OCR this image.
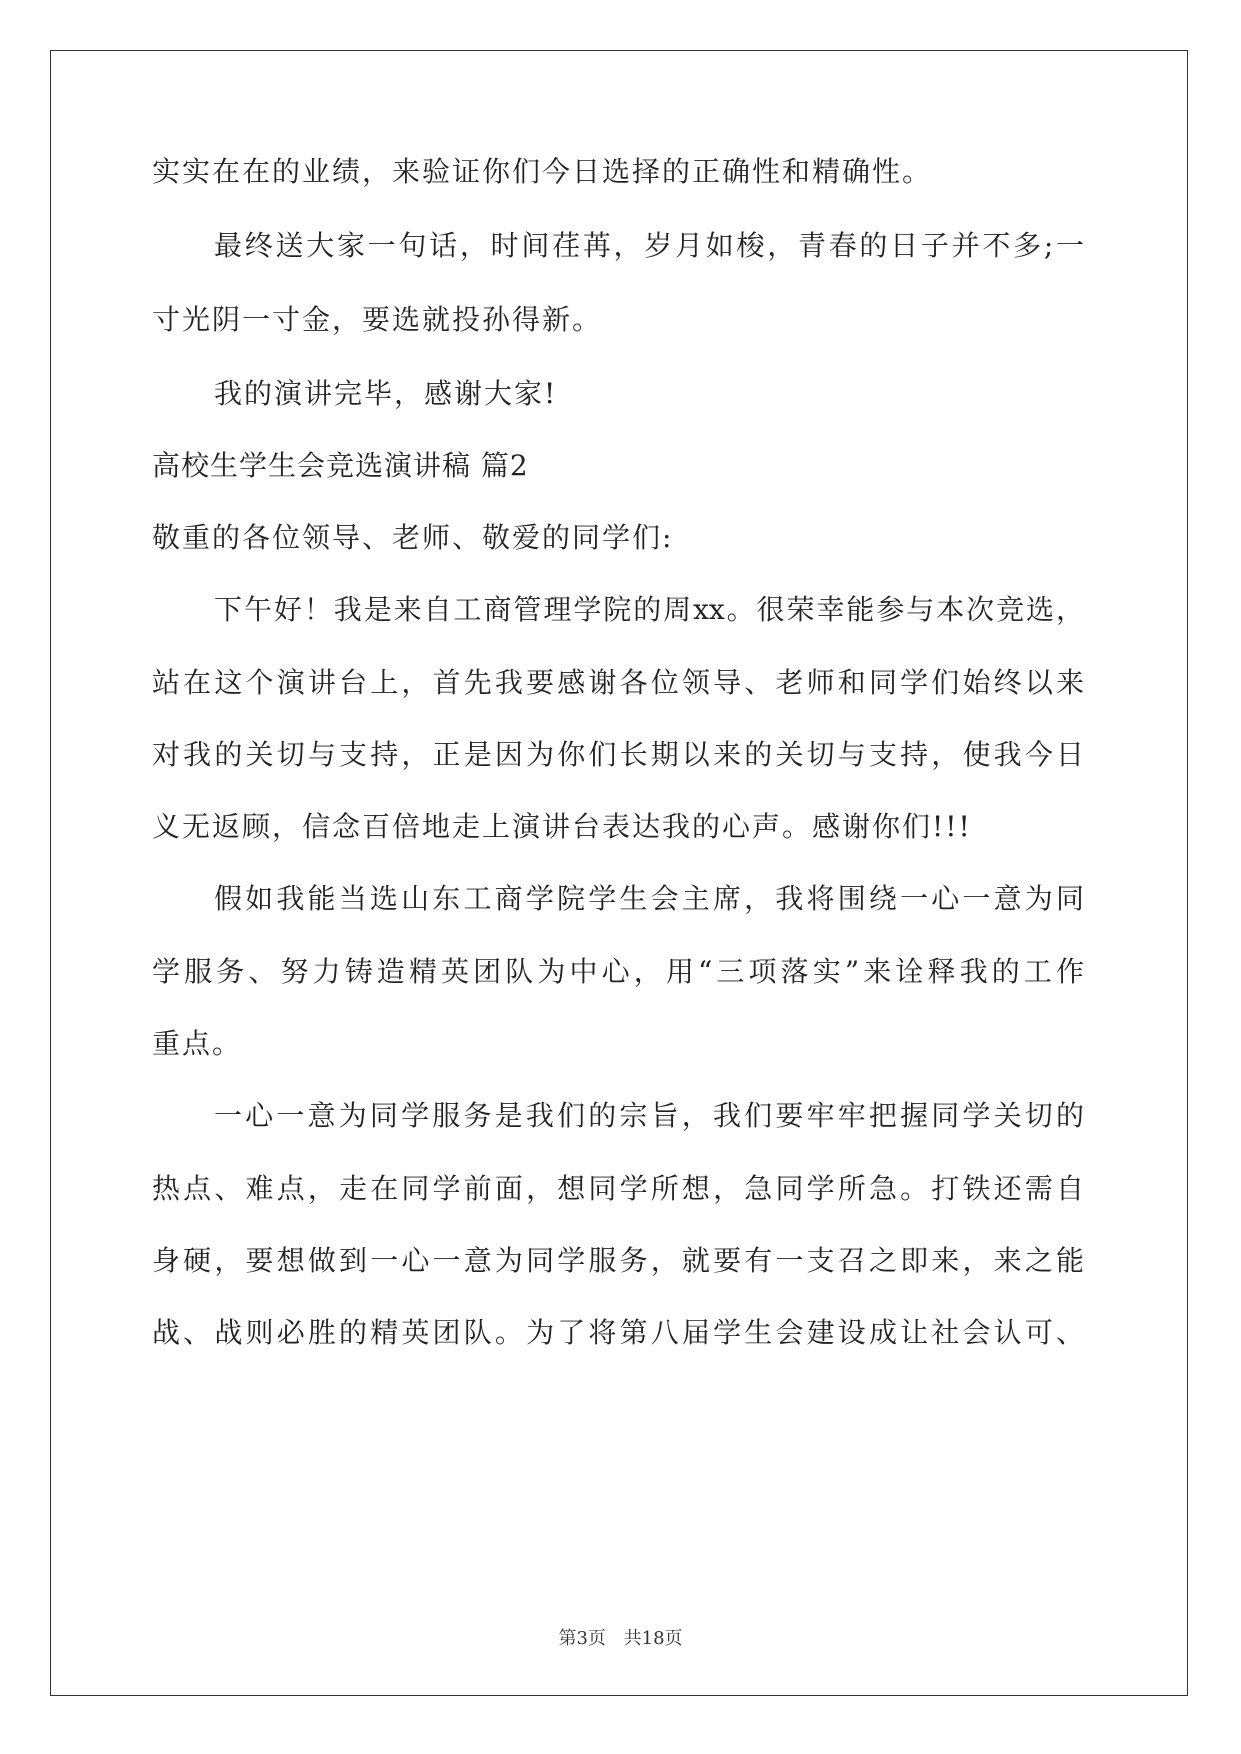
实实在在的业绩，来验证你们今日选择的正确性和精确性。
最终送大家一句话，时间荏苒，岁月如梭，青春的日子并不多;一
寸光阴一寸金，要选就投孙得新。
我的演讲完毕，感谢大家!
高校生学生会竞选演讲稿 篇2
敬重的各位领导、老师、敬爱的同学们:
下午好！我是来自工商管理学院的周xx。很荣幸能参与本次竞选，
站在这个演讲台上，首先我要感谢各位领导、老师和同学们始终以来
对我的关切与支持，正是因为你们长期以来的关切与支持，使我今日
义无返顾，信念百倍地走上演讲台表达我的心声。感谢你们!!!
假如我能当选山东工商学院学生会主席，我将围绕一心一意为同
学服务、努力铸造精英团队为中心，用“三项落实”来诠释我的工作
重点。
一心一意为同学服务是我们的宗旨，我们要牢牢把握同学关切的
热点、难点，走在同学前面，想同学所想，急同学所急。打铁还需自
身硬，要想做到一心一意为同学服务，就要有一支召之即来，来之能
战、战则必胜的精英团队。为了将第八届学生会建设成让社会认可、
第3页 共18页
